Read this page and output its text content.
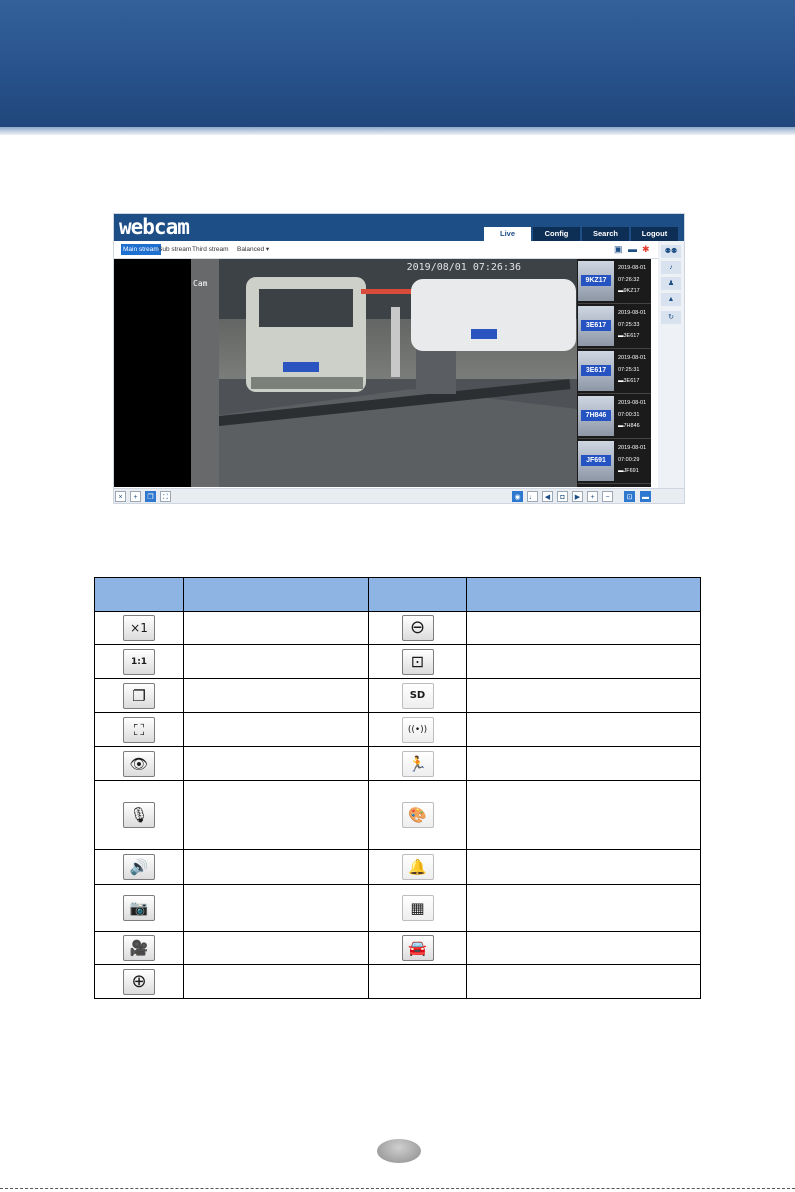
webcam	Live	Config	Search	Logout
Main stream Sub stream Third stream	Balanced ▾	▣ ▬ ✱
2019/08/01 07:26:36
Cam	9KZ17
2019-08-01
07:26:32
▬9KZ17
3E617
2019-08-01
07:25:33
▬3E617
3E617
2019-08-01
07:25:31
▬3E617
7H846
2019-08-01
07:00:31
▬7H846
JF691
2019-08-01
07:00:29
▬JF691
⚉⚉
♪
♟
▲
↻
×	+	❐	⛶	◉	♩	◀	◘	▶	+	−	⊡	▬

×1		⊖	
1:1		⊡	
❐		SD	
⛶		((•))	
👁		🏃	
🎙		🎨	
🔊		🔔	
📷		▦	
🎥		🚘	
⊕			
